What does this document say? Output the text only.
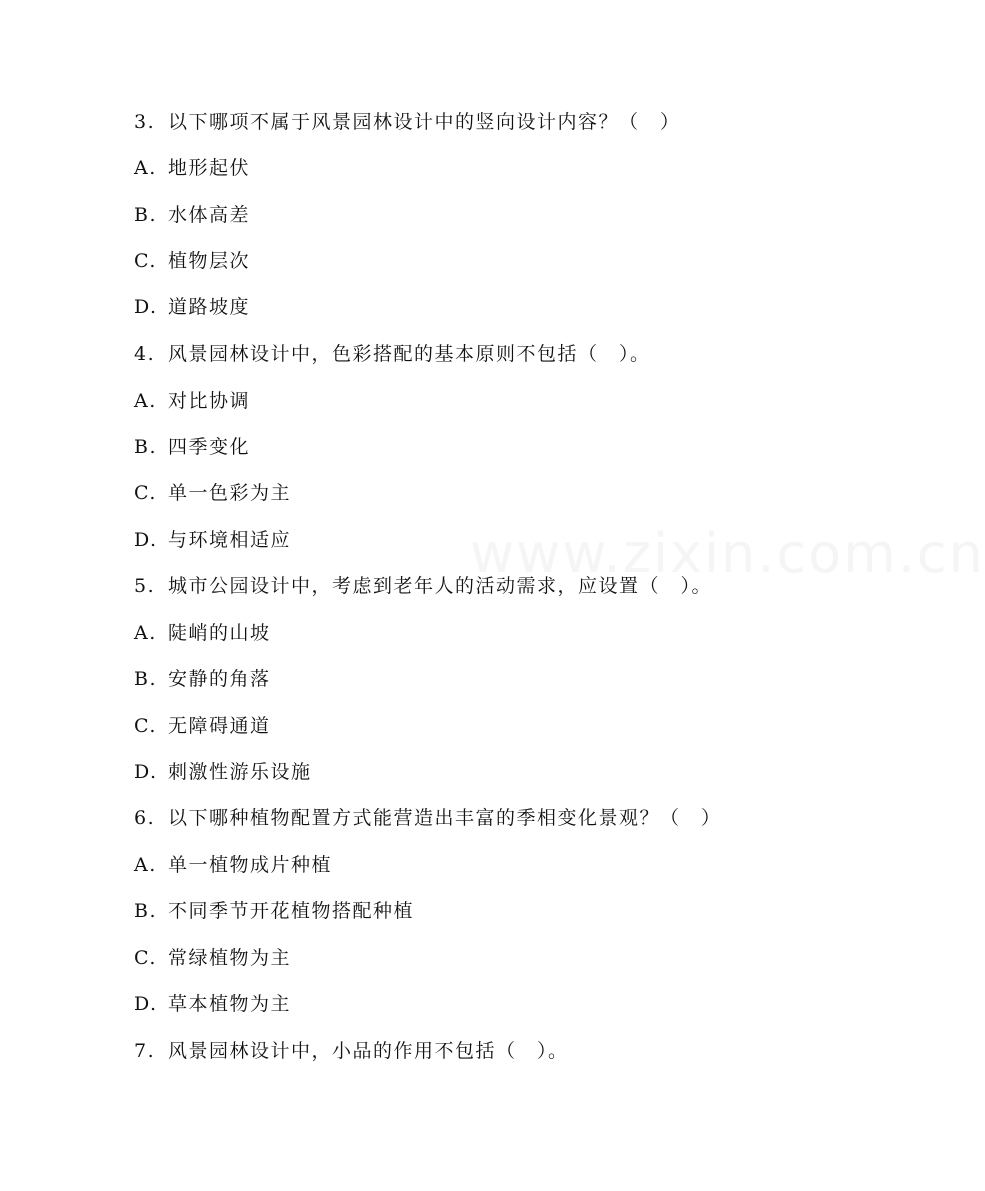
www.zixin.com.cn
3. 以下哪项不属于风景园林设计中的竖向设计内容？（　）
A. 地形起伏
B. 水体高差
C. 植物层次
D. 道路坡度
4. 风景园林设计中，色彩搭配的基本原则不包括（　）。
A. 对比协调
B. 四季变化
C. 单一色彩为主
D. 与环境相适应
5. 城市公园设计中，考虑到老年人的活动需求，应设置（　）。
A. 陡峭的山坡
B. 安静的角落
C. 无障碍通道
D. 刺激性游乐设施
6. 以下哪种植物配置方式能营造出丰富的季相变化景观？（　）
A. 单一植物成片种植
B. 不同季节开花植物搭配种植
C. 常绿植物为主
D. 草本植物为主
7. 风景园林设计中，小品的作用不包括（　）。
